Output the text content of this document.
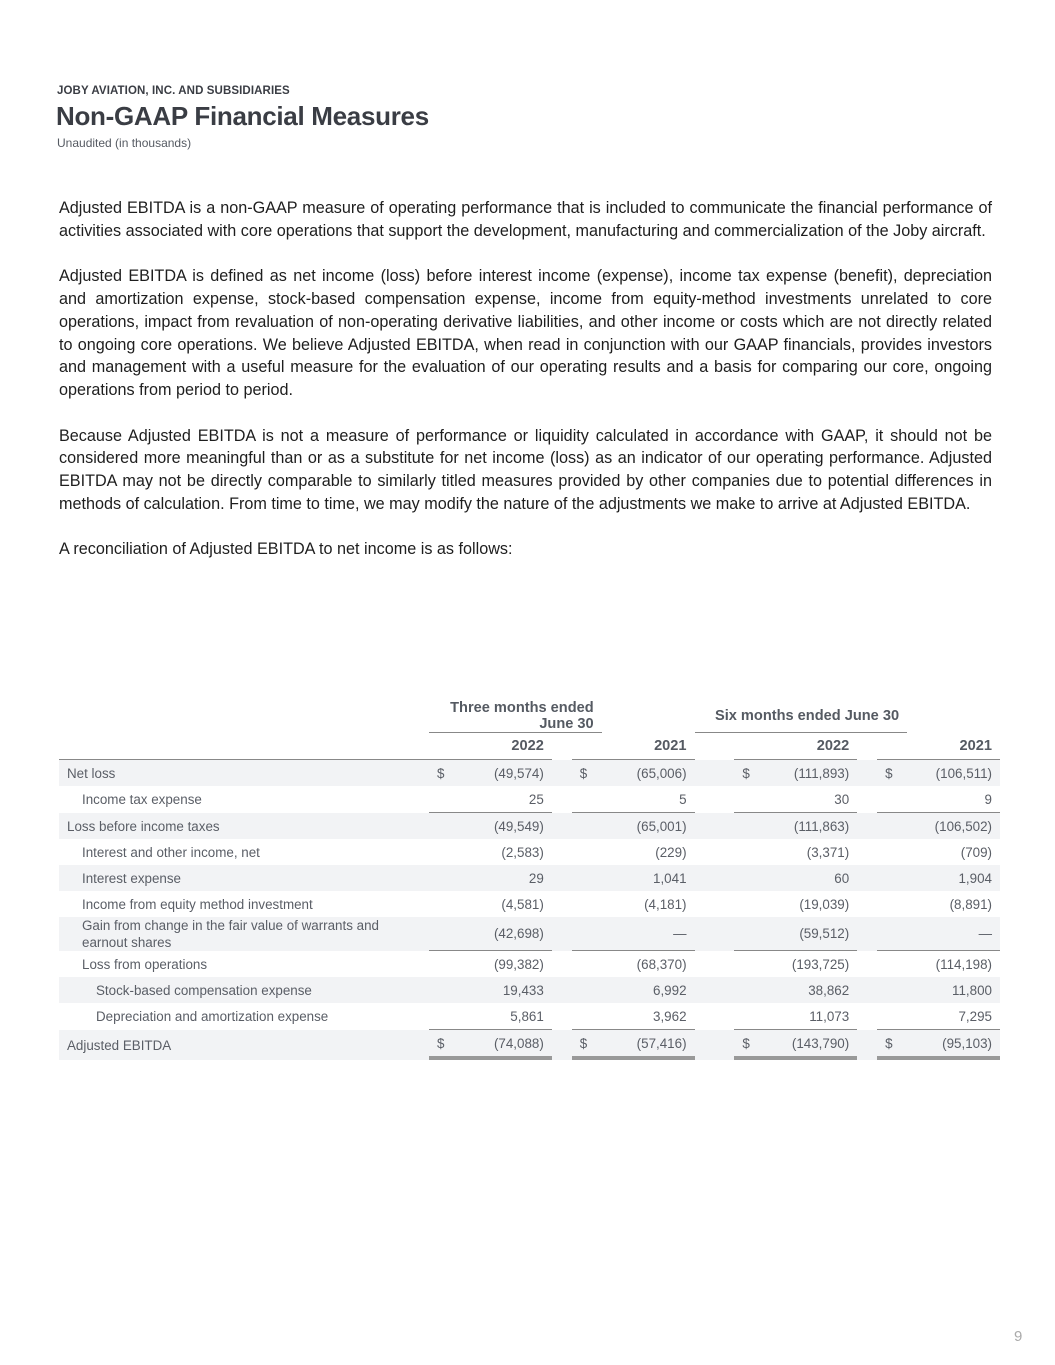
JOBY AVIATION, INC. AND SUBSIDIARIES
Non-GAAP Financial Measures
Unaudited (in thousands)

Adjusted EBITDA is a non-GAAP measure of operating performance that is included to communicate the financial performance of activities associated with core operations that support the development, manufacturing and commercialization of the Joby aircraft.

Adjusted EBITDA is defined as net income (loss) before interest income (expense), income tax expense (benefit), depreciation and amortization expense, stock-based compensation expense, income from equity-method investments unrelated to core operations, impact from revaluation of non-operating derivative liabilities, and other income or costs which are not directly related to ongoing core operations. We believe Adjusted EBITDA, when read in conjunction with our GAAP financials, provides investors and management with a useful measure for the evaluation of our operating results and a basis for comparing our core, ongoing operations from period to period.

Because Adjusted EBITDA is not a measure of performance or liquidity calculated in accordance with GAAP, it should not be considered more meaningful than or as a substitute for net income (loss) as an indicator of our operating performance. Adjusted EBITDA may not be directly comparable to similarly titled measures provided by other companies due to potential differences in methods of calculation. From time to time, we may modify the nature of the adjustments we make to arrive at Adjusted EBITDA.

A reconciliation of Adjusted EBITDA to net income is as follows:

	Three months ended June 30					Six months ended June 30					
	2022			2021			2022			2021	
Net loss	$	(49,574)		$	(65,006)		$	(111,893)		$	(106,511)
Income tax expense		25			5			30			9
Loss before income taxes		(49,549)			(65,001)			(111,863)			(106,502)
Interest and other income, net		(2,583)			(229)			(3,371)			(709)
Interest expense		29			1,041			60			1,904
Income from equity method investment		(4,581)			(4,181)			(19,039)			(8,891)
Gain from change in the fair value of warrants and earnout shares		(42,698)			—			(59,512)			—
Loss from operations		(99,382)			(68,370)			(193,725)			(114,198)
Stock-based compensation expense		19,433			6,992			38,862			11,800
Depreciation and amortization expense		5,861			3,962			11,073			7,295
Adjusted EBITDA	$	(74,088)		$	(57,416)		$	(143,790)		$	(95,103)
9
